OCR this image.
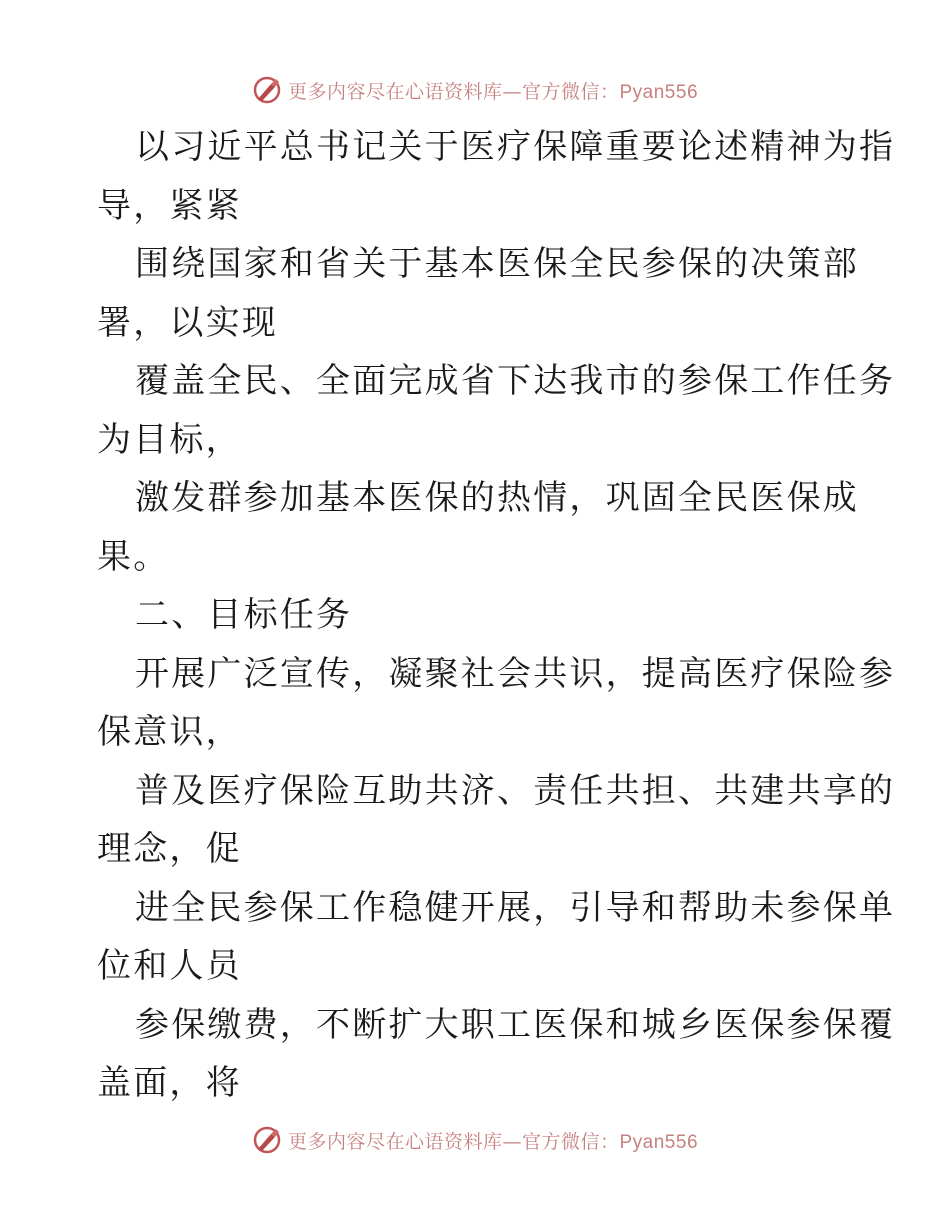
更多内容尽在心语资料库—官方微信：Pyan556
以习近平总书记关于医疗保障重要论述精神为指
导，紧紧
围绕国家和省关于基本医保全民参保的决策部
署，以实现
覆盖全民、全面完成省下达我市的参保工作任务
为目标，
激发群参加基本医保的热情，巩固全民医保成
果。
二、目标任务
开展广泛宣传，凝聚社会共识，提高医疗保险参
保意识，
普及医疗保险互助共济、责任共担、共建共享的
理念，促
进全民参保工作稳健开展，引导和帮助未参保单
位和人员
参保缴费，不断扩大职工医保和城乡医保参保覆
盖面，将
更多内容尽在心语资料库—官方微信：Pyan556
